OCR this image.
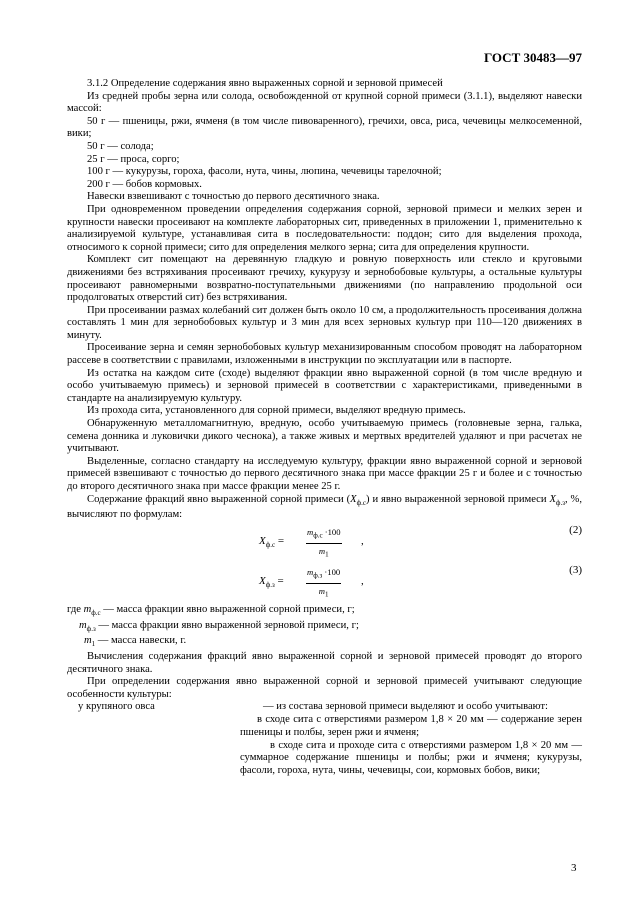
ГОСТ 30483—97

3.1.2 Определение содержания явно выраженных сорной и зерновой примесей

Из средней пробы зерна или солода, освобожденной от крупной сорной примеси (3.1.1), выделяют навески массой:

50 г — пшеницы, ржи, ячменя (в том числе пивоваренного), гречихи, овса, риса, чечевицы мелкосеменной, вики;

50 г — солода;

25 г — проса, сорго;

100 г — кукурузы, гороха, фасоли, нута, чины, люпина, чечевицы тарелочной;

200 г — бобов кормовых.

Навески взвешивают с точностью до первого десятичного знака.

При одновременном проведении определения содержания сорной, зерновой примеси и мелких зерен и крупности навески просеивают на комплекте лабораторных сит, приведенных в приложении 1, применительно к анализируемой культуре, устанавливая сита в последовательности: поддон; сито для выделения прохода, относимого к сорной примеси; сито для определения мелкого зерна; сита для определения крупности.

Комплект сит помещают на деревянную гладкую и ровную поверхность или стекло и круговыми движениями без встряхивания просеивают гречиху, кукурузу и зернобобовые культуры, а остальные культуры просеивают равномерными возвратно-поступательными движениями (по направлению продольной оси продолговатых отверстий сит) без встряхивания.

При просеивании размах колебаний сит должен быть около 10 см, а продолжительность просеивания должна составлять 1 мин для зернобобовых культур и 3 мин для всех зерновых культур при 110—120 движениях в минуту.

Просеивание зерна и семян зернобобовых культур механизированным способом проводят на лабораторном рассеве в соответствии с правилами, изложенными в инструкции по эксплуатации или в паспорте.

Из остатка на каждом сите (сходе) выделяют фракции явно выраженной сорной (в том числе вредную и особо учитываемую примесь) и зерновой примесей в соответствии с характеристиками, приведенными в стандарте на анализируемую культуру.

Из прохода сита, установленного для сорной примеси, выделяют вредную примесь.

Обнаруженную металломагнитную, вредную, особо учитываемую примесь (головневые зерна, галька, семена донника и луковички дикого чеснока), а также живых и мертвых вредителей удаляют и при расчетах не учитывают.

Выделенные, согласно стандарту на исследуемую культуру, фракции явно выраженной сорной и зерновой примесей взвешивают с точностью до первого десятичного знака при массе фракции 25 г и более и с точностью до второго десятичного знака при массе фракции менее 25 г.

Содержание фракций явно выраженной сорной примеси $(X_{ф.с})$ и явно выраженной зерновой примеси $X_{ф.з}$, %, вычисляют по формулам:

$X_{ф.с}$ =
$m_{ф.с} \cdot 100$
$m_1$
,
(2)
$X_{ф.з}$ =
$m_{ф.з} \cdot 100$
$m_1$
,
(3)

где $m_{ф.с}$ — масса фракции явно выраженной сорной примеси, г;

$m_{ф.з}$ — масса фракции явно выраженной зерновой примеси, г;

$m_1$ — масса навески, г.

Вычисления содержания фракций явно выраженной сорной и зерновой примесей проводят до второго десятичного знака.

При определении содержания явно выраженной сорной и зерновой примесей учитывают следующие особенности культуры:

у крупяного овса	— из состава зерновой примеси выделяют и особо учитывают:

в сходе сита с отверстиями размером 1,8 × 20 мм — содержание зерен пшеницы и полбы, зерен ржи и ячменя;

в сходе сита и проходе сита с отверстиями размером 1,8 × 20 мм — суммарное содержание пшеницы и полбы; ржи и ячменя; кукурузы, фасоли, гороха, нута, чины, чечевицы, сои, кормовых бобов, вики;

3
